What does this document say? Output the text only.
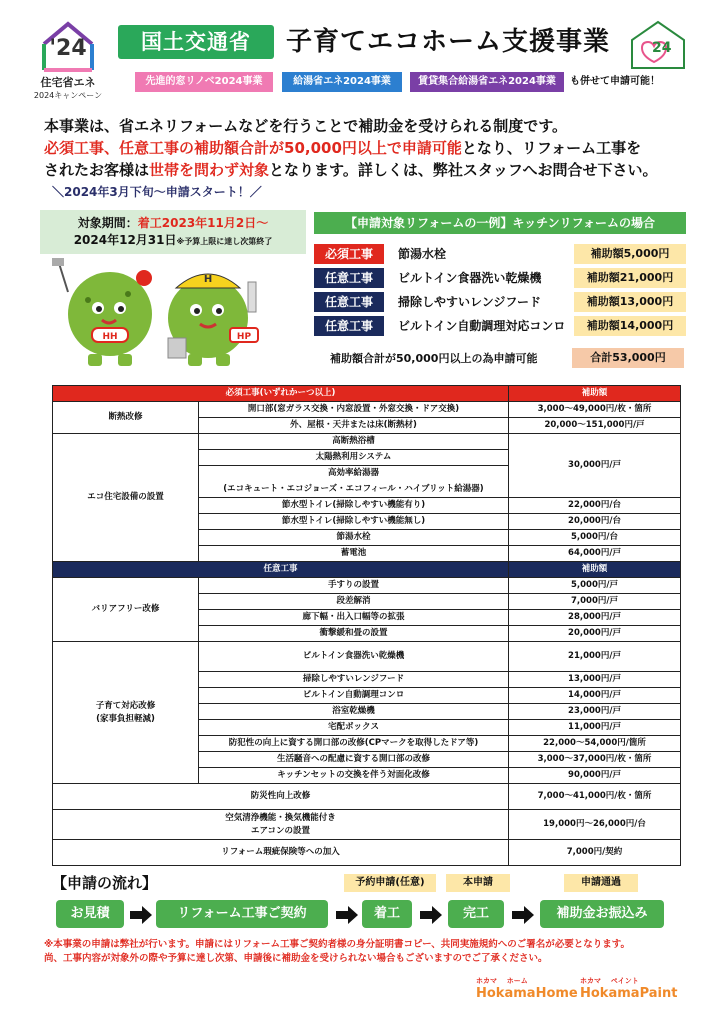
'24
住宅省エネ
2024キャンペーン
24
国土交通省	子育てエコホーム支援事業
先進的窓リノベ2024事業	給湯省エネ2024事業	賃貸集合給湯省エネ2024事業	も併せて申請可能！
本事業は、省エネリフォームなどを行うことで補助金を受けられる制度です。
必須工事、任意工事の補助額合計が50,000円以上で申請可能となり、リフォーム工事を
されたお客様は世帯を問わず対象となります。詳しくは、弊社スタッフへお問合せ下さい。
＼2024年3月下旬～申請スタート！／
対象期間：着工2023年11月2日～
2024年12月31日※予算上限に達し次第終了
HH
H
HP
【申請対象リフォームの一例】キッチンリフォームの場合
必須工事	節湯水栓	補助額5,000円
任意工事	ビルトイン食器洗い乾燥機	補助額21,000円
任意工事	掃除しやすいレンジフード	補助額13,000円
任意工事	ビルトイン自動調理対応コンロ	補助額14,000円
補助額合計が50,000円以上の為申請可能	合計53,000円
必須工事(いずれかーつ以上)		補助額
断熱改修	開口部(窓ガラス交換・内窓設置・外窓交換・ドア交換)	3,000～49,000円/枚・箇所
	外、屋根・天井または床(断熱材)	20,000～151,000円/戸
エコ住宅設備の設置	高断熱浴槽	30,000円/戸
	太陽熱利用システム	
	高効率給湯器	
	(エコキュート・エコジョーズ・エコフィール・ハイブリット給湯器)	
	節水型トイレ(掃除しやすい機能有り)	22,000円/台
	節水型トイレ(掃除しやすい機能無し)	20,000円/台
	節湯水栓	5,000円/台
	蓄電池	64,000円/戸
任意工事		補助額
バリアフリー改修	手すりの設置	5,000円/戸
	段差解消	7,000円/戸
	廊下幅・出入口幅等の拡張	28,000円/戸
	衝撃緩和畳の設置	20,000円/戸

子育て対応改修
(家事負担軽減)	ビルトイン食器洗い乾燥機	21,000円/戸
	掃除しやすいレンジフード	13,000円/戸
	ビルトイン自動調理コンロ	14,000円/戸
	浴室乾燥機	23,000円/戸
	宅配ボックス	11,000円/戸
	防犯性の向上に資する開口部の改修(CPマークを取得したドア等)	22,000～54,000円/箇所
	生活騒音への配慮に資する開口部の改修	3,000～37,000円/枚・箇所
	キッチンセットの交換を伴う対面化改修	90,000円/戸
防災性向上改修		7,000～41,000円/枚・箇所

空気清浄機能・換気機能付き
エアコンの設置		19,000円～26,000円/台
リフォーム瑕疵保険等への加入		7,000円/契約
【申請の流れ】	予約申請(任意)	本申請	申請通過
お見積	リフォーム工事ご契約	着工	完工	補助金お振込み
※本事業の申請は弊社が行います。申請にはリフォーム工事ご契約者様の身分証明書コピー、共同実施規約へのご署名が必要となります。
尚、工事内容が対象外の際や予算に達し次第、申請後に補助金を受けられない場合もございますのでご了承ください。
ホカマ ホーム
HokamaHome
ホカマ ペイント
HokamaPaint
